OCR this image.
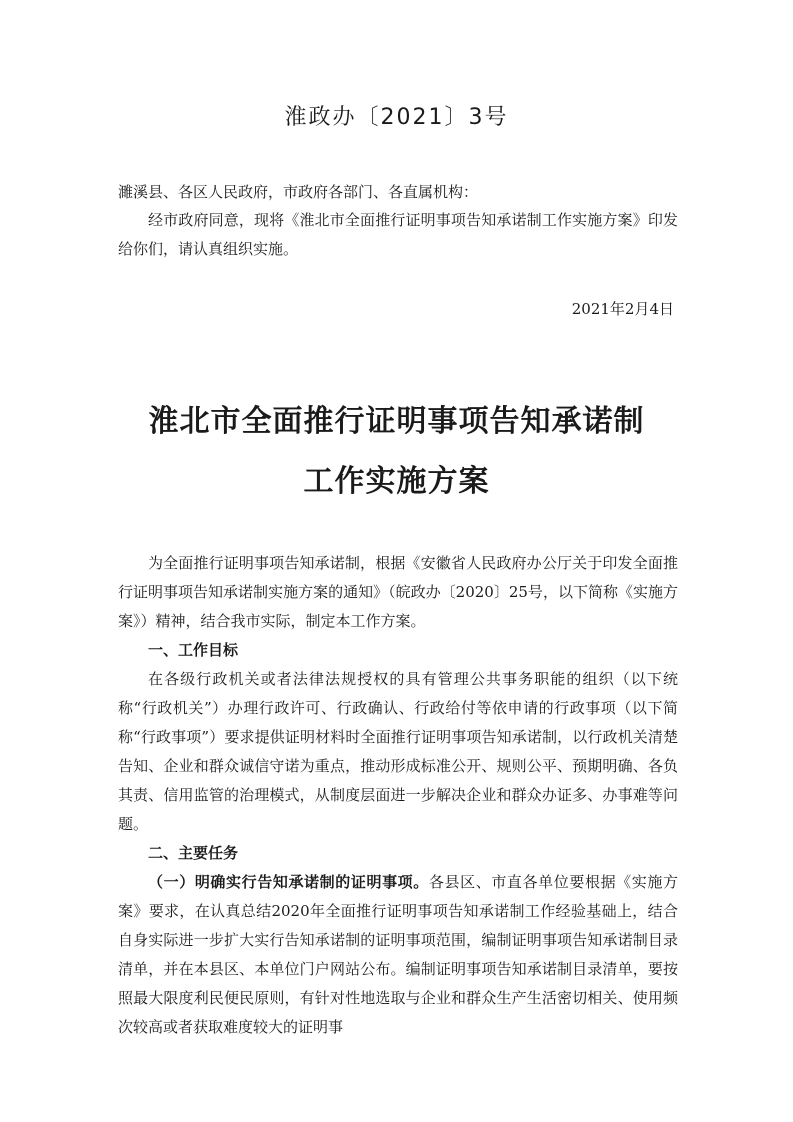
淮政办〔2021〕3号
濉溪县、各区人民政府，市政府各部门、各直属机构：

经市政府同意，现将《淮北市全面推行证明事项告知承诺制工作实施方案》印发给你们，请认真组织实施。

2021年2月4日
淮北市全面推行证明事项告知承诺制
工作实施方案

为全面推行证明事项告知承诺制，根据《安徽省人民政府办公厅关于印发全面推行证明事项告知承诺制实施方案的通知》（皖政办〔2020〕25号，以下简称《实施方案》）精神，结合我市实际，制定本工作方案。

一、工作目标

在各级行政机关或者法律法规授权的具有管理公共事务职能的组织（以下统称“行政机关”）办理行政许可、行政确认、行政给付等依申请的行政事项（以下简称“行政事项”）要求提供证明材料时全面推行证明事项告知承诺制，以行政机关清楚告知、企业和群众诚信守诺为重点，推动形成标准公开、规则公平、预期明确、各负其责、信用监管的治理模式，从制度层面进一步解决企业和群众办证多、办事难等问题。

二、主要任务

（一）明确实行告知承诺制的证明事项。各县区、市直各单位要根据《实施方案》要求，在认真总结2020年全面推行证明事项告知承诺制工作经验基础上，结合自身实际进一步扩大实行告知承诺制的证明事项范围，编制证明事项告知承诺制目录清单，并在本县区、本单位门户网站公布。编制证明事项告知承诺制目录清单，要按照最大限度利民便民原则，有针对性地选取与企业和群众生产生活密切相关、使用频次较高或者获取难度较大的证明事
